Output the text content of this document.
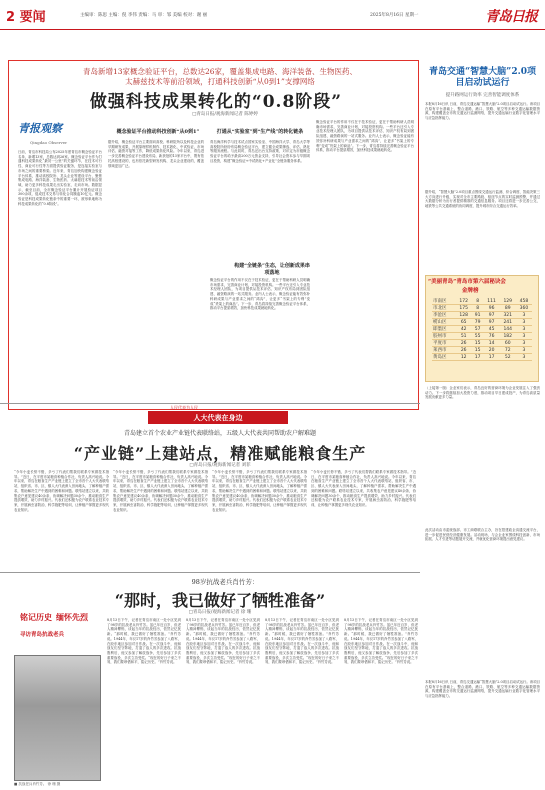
2 要闻	主编审：陈思 主编：倪 李伟 责编：马 审：邹 美编 校对：谢 丽	2025年8月16日 星期一	青岛日报
青岛新增13家概念验证平台，总数达26家，覆盖集成电路、海洋装备、生物医药、太赫兹技术等前沿领域，打通科技创新“从0到1”支撑网络
做强科技成果转化的“0.8阶段”
□青岛日报/观海新闻记者 陈婷婷
青报观察
Qingdao Observer
概念验证平台推动科技创新“从0到1”	打通从“实验室”到“生产线”的转化链条
构建“全链条”生态，让创新成果串项落地
日前，青岛市科技局公布2025年度青岛市概念验证平台名单，新增13家，总数达到26家。概念验证平台作为打通科技成果转化“最初一公里”的关键环节，在技术可行性、商业可行性等方面提供验证服务，是连接实验室与市场之间的重要桥梁。近年来，青岛加快构建概念验证平台体系，推动高校院所、龙头企业等建设平台，聚焦集成电路、海洋装备、生物医药、太赫兹技术等前沿领域，助力更多科技成果走出实验室、走向市场。数据显示，截至目前，全市概念验证平台累计开展验证项目300余项，促成技术交易与转化合同额逾10亿元。概念验证是科技成果转化链条中的重要一环，被形象地称为科技成果转化的“0.8阶段”。
据介绍，概念验证平台主要面向高校、科研院所以及科技企业的早期研发成果，开展原理样机制作、技术熟化、中试验证、市场评估、融资对接等工作，降低成果转化风险。今年以来，青岛进一步完善概念验证平台建设布局，新获批的13家平台中，既有依托高校建设的，也有依托新型研发机构、龙头企业建设的，覆盖领域更加广泛。
青岛海洋科学与技术试点国家实验室、中国海洋大学、青岛大学等高校院所纷纷布局概念验证平台，建立健全成果筛选、评估、熟化等服务流程。与此同时，青岛还出台支持政策，对评定为市级概念验证平台的给予最高200万元资金支持，引导社会资本参与早期项目投资，构建“概念验证+中试熟化+产业化”全链条服务体系。
概念验证平台的作用不仅在于技术验证，更在于帮助科研人员明确市场需求，完善商业计划，对接投资机构。一些平台还引入专业技术经理人团队，为项目提供从技术评估、知识产权布局到团队组建、融资路演的一站式服务。业内人士表示，概念验证能有效弥补科研成果与产业需求之间的“鸿沟”，让更多“书架上的专利”变成“货架上的商品”。下一步，青岛将持续完善概念验证平台体系，推动平台提质增效，加快科技成果就地转化。
概念验证平台的作用不仅在于技术验证，更在于帮助科研人员明确市场需求，完善商业计划，对接投资机构。一些平台还引入专业技术经理人团队，为项目提供从技术评估、知识产权布局到团队组建、融资路演的一站式服务。业内人士表示，概念验证能有效弥补科研成果与产业需求之间的“鸿沟”，让更多“书架上的专利”变成“货架上的商品”。下一步，青岛将持续完善概念验证平台体系，推动平台提质增效，加快科技成果就地转化。
青岛交通“智慧大脑”2.0项目启动试运行
提升路网运行效率 完善智能调度体系
本报8月16日讯 日前，青岛交通运输“智慧大脑”2.0项目启动试运行。该项目在原有平台基础上，整合道路、港口、铁路、航空等多种交通运输数据资源，构建覆盖全市的交通运行监测网络，提升交通运输行业数字化管理水平与应急指挥能力。
据介绍，“智慧大脑”2.0项目重点围绕交通运行监测、综合调度、智能决策三大方向进行升级，实现对全市主要路段、枢纽节点的实时监测预警，并通过大数据分析为出行者提供精准的交通信息服务。项目还将进一步完善公交、地铁等公共交通系统的协同调度，提升城市综合交通运行效率。
“美丽青岛”青岛市第六届秘诀会
金牌榜
市南区	172	8	111	129	458
市北区	175	8	96	89	360
李沧区	128	91	97	321	3
崂山区	65	79	97	241	3
即墨区	42	57	45	144	3
胶州市	51	55	76	182	3
平度市	26	15	14	60	3
莱西市	26	15	20	72	3
黄岛区	12	17	17	52	3
（上接第一版）企业家们表示，青岛良好的营商环境为企业发展注入了强劲动力。下一步将继续加大投资力度，推动项目早日建成投产，为青岛高质量发展贡献更多力量。
此次活动由市委统战部、市工商联联合主办，旨在搭建政企沟通交流平台，进一步促进民营经济健康发展。活动现场，与会企业家围绕科技创新、市场拓展、人才引进等话题展开交流，并就优化营商环境提出意见建议。
本报8月16日讯 日前，青岛交通运输“智慧大脑”2.0项目启动试运行。该项目在原有平台基础上，整合道路、港口、铁路、航空等多种交通运输数据资源，构建覆盖全市的交通运行监测网络，提升交通运输行业数字化管理水平与应急指挥能力。
人民代表为人民
人大代表在身边
青岛建立首个农业产业链代表联络站，五级人大代表共同帮助农户解难题
“产业链”上建站点，精准赋能粮食生产
□青岛日报/观海新闻记者 刘菲
“今年小麦长势不错，多亏了代表们帮我们联系专家做技术指导。”近日，在平度市某粮食种植合作社，负责人高兴地说。今年以来，青岛在粮食生产产业链上建立了全市首个人大代表联络站，组织省、市、区、镇人大代表深入田间地头，了解种植户需求，帮助解决生产中遇到的困难和问题。联络站建立以来，共收集农户意见建议40余条，协调解决问题30余个，推动粮食生产提质增效，助力乡村振兴。代表们还积极为农户联系农业技术专家，开展病虫害防治、科学施肥等培训，让种植户掌握更多现代农业知识。
“今年小麦长势不错，多亏了代表们帮我们联系专家做技术指导。”近日，在平度市某粮食种植合作社，负责人高兴地说。今年以来，青岛在粮食生产产业链上建立了全市首个人大代表联络站，组织省、市、区、镇人大代表深入田间地头，了解种植户需求，帮助解决生产中遇到的困难和问题。联络站建立以来，共收集农户意见建议40余条，协调解决问题30余个，推动粮食生产提质增效，助力乡村振兴。代表们还积极为农户联系农业技术专家，开展病虫害防治、科学施肥等培训，让种植户掌握更多现代农业知识。
“今年小麦长势不错，多亏了代表们帮我们联系专家做技术指导。”近日，在平度市某粮食种植合作社，负责人高兴地说。今年以来，青岛在粮食生产产业链上建立了全市首个人大代表联络站，组织省、市、区、镇人大代表深入田间地头，了解种植户需求，帮助解决生产中遇到的困难和问题。联络站建立以来，共收集农户意见建议40余条，协调解决问题30余个，推动粮食生产提质增效，助力乡村振兴。代表们还积极为农户联系农业技术专家，开展病虫害防治、科学施肥等培训，让种植户掌握更多现代农业知识。
“今年小麦长势不错，多亏了代表们帮我们联系专家做技术指导。”近日，在平度市某粮食种植合作社，负责人高兴地说。今年以来，青岛在粮食生产产业链上建立了全市首个人大代表联络站，组织省、市、区、镇人大代表深入田间地头，了解种植户需求，帮助解决生产中遇到的困难和问题。联络站建立以来，共收集农户意见建议40余条，协调解决问题30余个，推动粮食生产提质增效，助力乡村振兴。代表们还积极为农户联系农业技术专家，开展病虫害防治、科学施肥等培训，让种植户掌握更多现代农业知识。
98岁抗战老兵肖竹芳：
“那时，我已做好了牺牲准备”
□青岛日报/观海新闻记者 徐 珊
铭记历史 缅怀先烈
寻访青岛抗战老兵
■ 抗战老兵肖竹芳。 徐 珊 摄
8月13日下午，记者在青岛市南区一处小区见到了98岁的抗战老兵肖竹芳。虽已年近百岁，但老人精神矍铄，谈起当年的抗战经历，依然记忆犹新。“那时候，我已做好了牺牲准备。”肖竹芳说。1944年，年仅17岁的肖竹芳参加了八路军，在胶东地区参加对日作战。在一次战斗中，他和战友们坚守阵地，打退了敌人的多次进攻。抗战胜利后，他又参加了解放战争，先后参加了多次重要战役，多次立功受奖。“现在的好日子来之不易，我们要珍惜和平，铭记历史。”肖竹芳说。
8月13日下午，记者在青岛市南区一处小区见到了98岁的抗战老兵肖竹芳。虽已年近百岁，但老人精神矍铄，谈起当年的抗战经历，依然记忆犹新。“那时候，我已做好了牺牲准备。”肖竹芳说。1944年，年仅17岁的肖竹芳参加了八路军，在胶东地区参加对日作战。在一次战斗中，他和战友们坚守阵地，打退了敌人的多次进攻。抗战胜利后，他又参加了解放战争，先后参加了多次重要战役，多次立功受奖。“现在的好日子来之不易，我们要珍惜和平，铭记历史。”肖竹芳说。
8月13日下午，记者在青岛市南区一处小区见到了98岁的抗战老兵肖竹芳。虽已年近百岁，但老人精神矍铄，谈起当年的抗战经历，依然记忆犹新。“那时候，我已做好了牺牲准备。”肖竹芳说。1944年，年仅17岁的肖竹芳参加了八路军，在胶东地区参加对日作战。在一次战斗中，他和战友们坚守阵地，打退了敌人的多次进攻。抗战胜利后，他又参加了解放战争，先后参加了多次重要战役，多次立功受奖。“现在的好日子来之不易，我们要珍惜和平，铭记历史。”肖竹芳说。
8月13日下午，记者在青岛市南区一处小区见到了98岁的抗战老兵肖竹芳。虽已年近百岁，但老人精神矍铄，谈起当年的抗战经历，依然记忆犹新。“那时候，我已做好了牺牲准备。”肖竹芳说。1944年，年仅17岁的肖竹芳参加了八路军，在胶东地区参加对日作战。在一次战斗中，他和战友们坚守阵地，打退了敌人的多次进攻。抗战胜利后，他又参加了解放战争，先后参加了多次重要战役，多次立功受奖。“现在的好日子来之不易，我们要珍惜和平，铭记历史。”肖竹芳说。
